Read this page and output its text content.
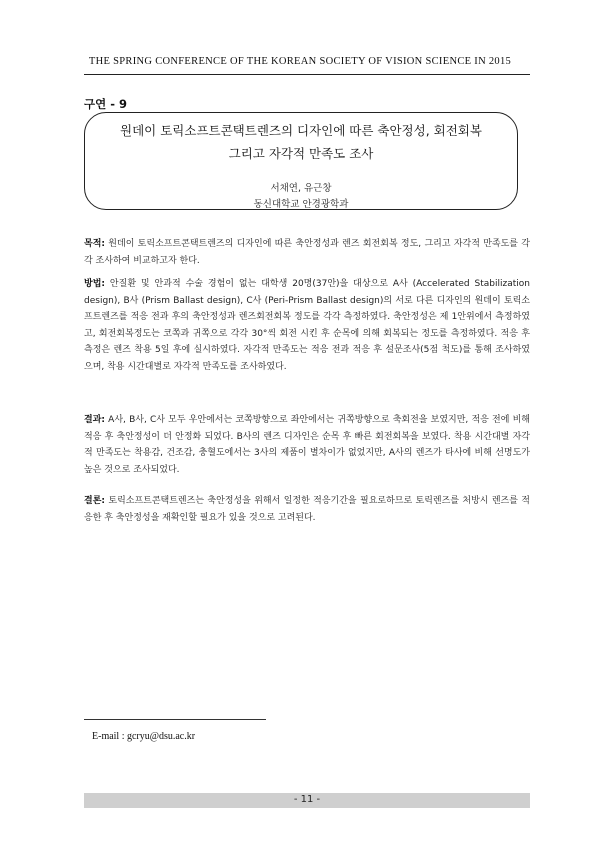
THE SPRING CONFERENCE OF THE KOREAN SOCIETY OF VISION SCIENCE IN 2015
구연 - 9
원데이 토릭소프트콘택트렌즈의 디자인에 따른 축안정성, 회전회복
그리고 자각적 만족도 조사
서채연, 유근창
동신대학교 안경광학과
목적: 원데이 토릭소프트콘택트렌즈의 디자인에 따른 축안정성과 렌즈 회전회복 정도, 그리고 자각적 만족도를 각각 조사하여 비교하고자 한다.
방법: 안질환 및 안과적 수술 경험이 없는 대학생 20명(37안)을 대상으로 A사 (Accelerated Stabilization design), B사 (Prism Ballast design), C사 (Peri-Prism Ballast design)의 서로 다른 디자인의 원데이 토릭소프트렌즈를 적응 전과 후의 축안정성과 렌즈회전회복 정도를 각각 측정하였다. 축안정성은 제 1안위에서 측정하였고, 회전회복정도는 코쪽과 귀쪽으로 각각 30°씩 회전 시킨 후 순목에 의해 회복되는 정도를 측정하였다. 적응 후 측정은 렌즈 착용 5일 후에 실시하였다. 자각적 만족도는 적응 전과 적응 후 설문조사(5점 척도)를 통해 조사하였으며, 착용 시간대별로 자각적 만족도를 조사하였다.
결과: A사, B사, C사 모두 우안에서는 코쪽방향으로 좌안에서는 귀쪽방향으로 축회전을 보였지만, 적응 전에 비해 적응 후 축안정성이 더 안정화 되었다. B사의 렌즈 디자인은 순목 후 빠른 회전회복을 보였다. 착용 시간대별 자각적 만족도는 착용감, 건조감, 충혈도에서는 3사의 제품이 별차이가 없었지만, A사의 렌즈가 타사에 비해 선명도가 높은 것으로 조사되었다.
결론: 토릭소프트콘택트렌즈는 축안정성을 위해서 일정한 적응기간을 필요로하므로 토릭렌즈를 처방시 렌즈를 적응한 후 축안정성을 재확인할 필요가 있을 것으로 고려된다.
E-mail : gcryu@dsu.ac.kr
- 11 -
